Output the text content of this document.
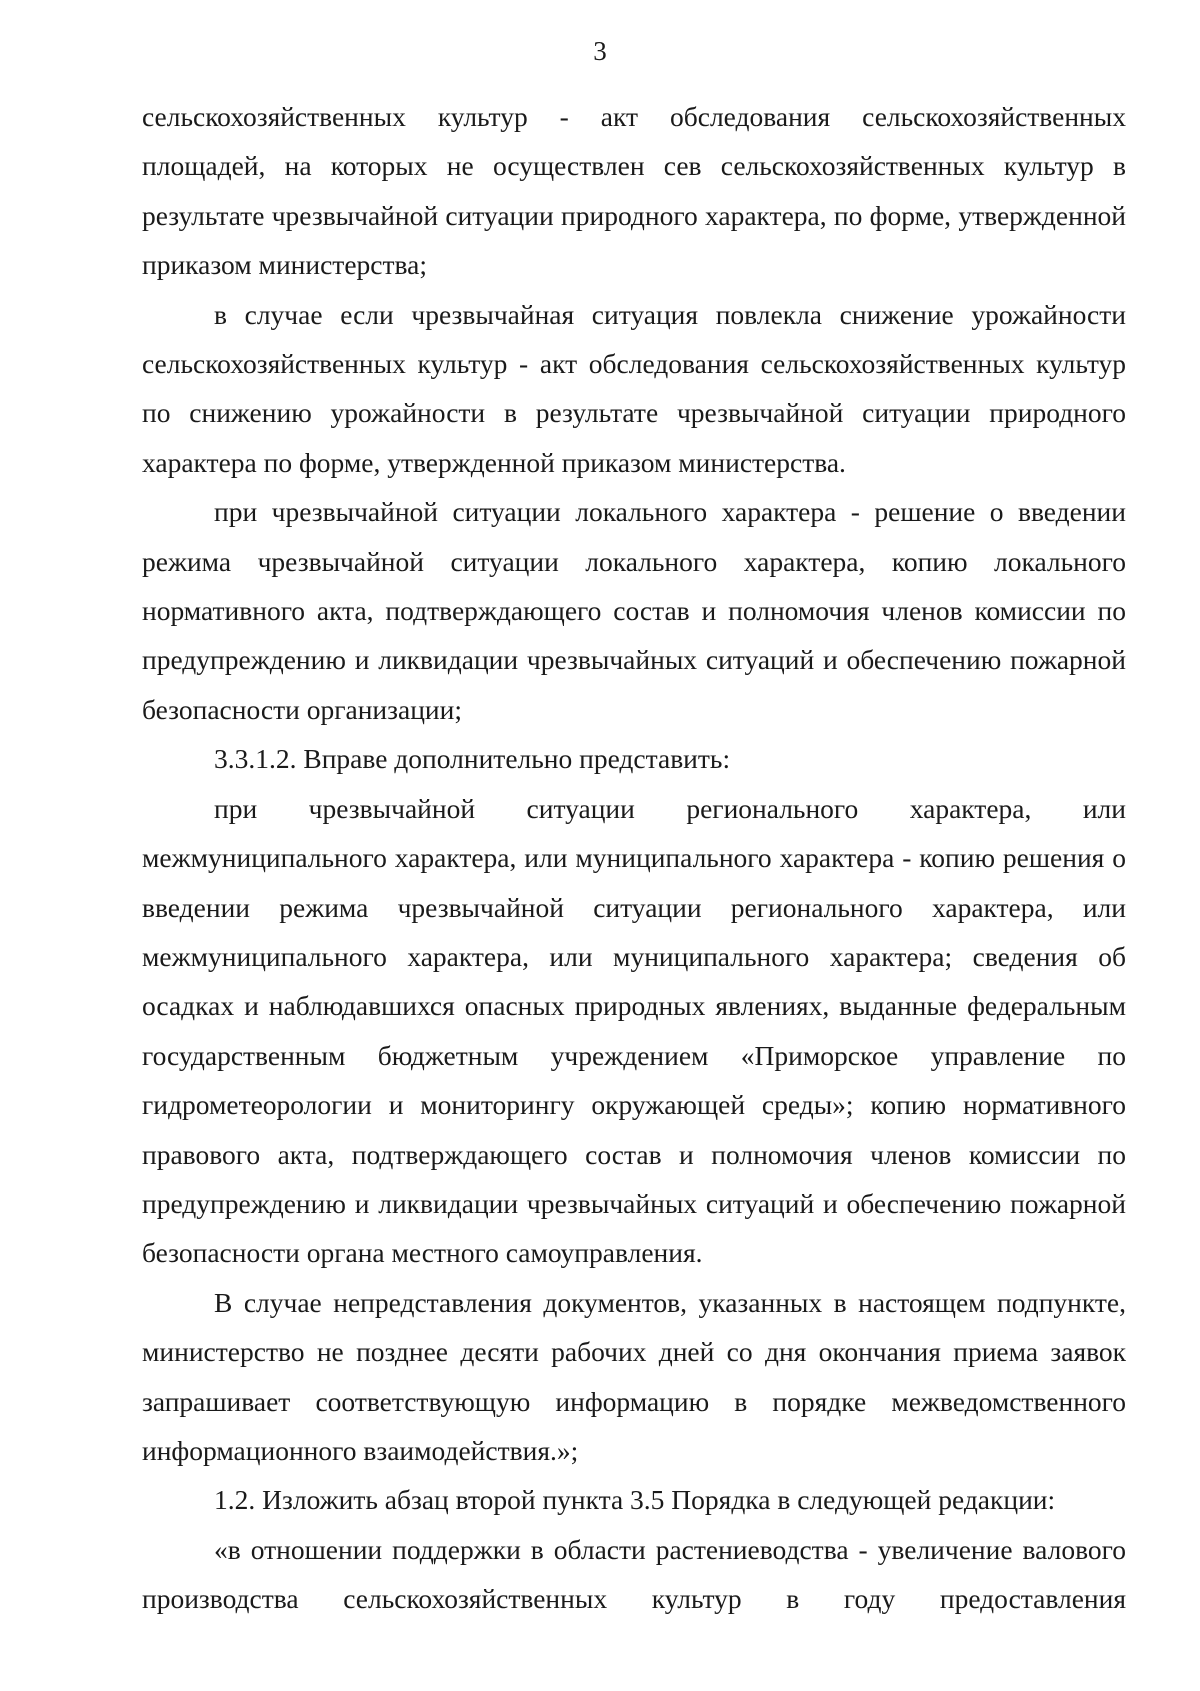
3

сельскохозяйственных культур - акт обследования сельскохозяйственных площадей, на которых не осуществлен сев сельскохозяйственных культур в результате чрезвычайной ситуации природного характера, по форме, утвержденной приказом министерства;

в случае если чрезвычайная ситуация повлекла снижение урожайности сельскохозяйственных культур - акт обследования сельскохозяйственных культур по снижению урожайности в результате чрезвычайной ситуации природного характера по форме, утвержденной приказом министерства.

при чрезвычайной ситуации локального характера - решение о введении режима чрезвычайной ситуации локального характера, копию локального нормативного акта, подтверждающего состав и полномочия членов комиссии по предупреждению и ликвидации чрезвычайных ситуаций и обеспечению пожарной безопасности организации;

3.3.1.2. Вправе дополнительно представить:

при чрезвычайной ситуации регионального характера, или межмуниципального характера, или муниципального характера - копию решения о введении режима чрезвычайной ситуации регионального характера, или межмуниципального характера, или муниципального характера; сведения об осадках и наблюдавшихся опасных природных явлениях, выданные федеральным государственным бюджетным учреждением «Приморское управление по гидрометеорологии и мониторингу окружающей среды»; копию нормативного правового акта, подтверждающего состав и полномочия членов комиссии по предупреждению и ликвидации чрезвычайных ситуаций и обеспечению пожарной безопасности органа местного самоуправления.

В случае непредставления документов, указанных в настоящем подпункте, министерство не позднее десяти рабочих дней со дня окончания приема заявок запрашивает соответствующую информацию в порядке межведомственного информационного взаимодействия.»;

1.2. Изложить абзац второй пункта 3.5 Порядка в следующей редакции:

«в отношении поддержки в области растениеводства - увеличение валового производства сельскохозяйственных культур в году предоставления
